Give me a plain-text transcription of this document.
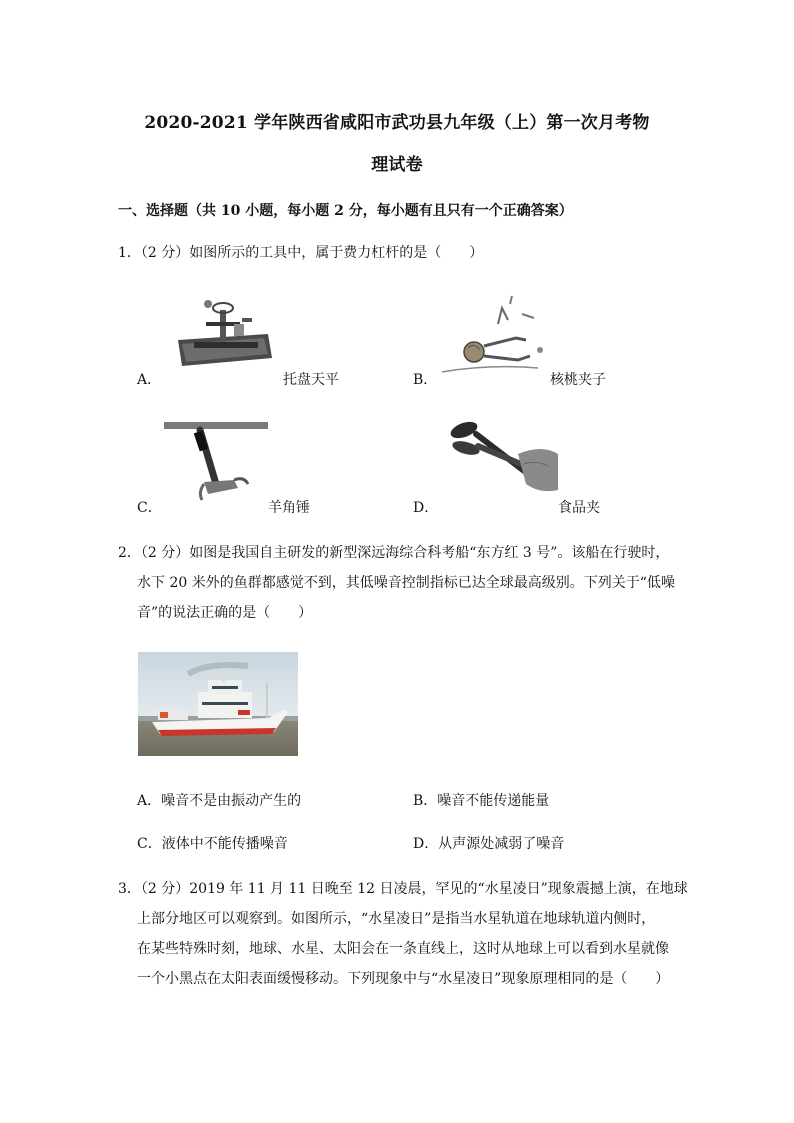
2020-2021 学年陕西省咸阳市武功县九年级（上）第一次月考物
理试卷
一、选择题（共 10 小题，每小题 2 分，每小题有且只有一个正确答案）
1．（2 分）如图所示的工具中，属于费力杠杆的是（　　）
A．	托盘天平	B．	核桃夹子
C．	羊角锤	D．	食品夹
2．（2 分）如图是我国自主研发的新型深远海综合科考船“东方红 3 号”。该船在行驶时，
水下 20 米外的鱼群都感觉不到，其低噪音控制指标已达全球最高级别。下列关于“低噪
音”的说法正确的是（　　）
A．噪音不是由振动产生的	B．噪音不能传递能量
C．液体中不能传播噪音	D．从声源处减弱了噪音
3．（2 分）2019 年 11 月 11 日晚至 12 日凌晨，罕见的“水星凌日”现象震撼上演，在地球
上部分地区可以观察到。如图所示，“水星凌日”是指当水星轨道在地球轨道内侧时，
在某些特殊时刻，地球、水星、太阳会在一条直线上，这时从地球上可以看到水星就像
一个小黑点在太阳表面缓慢移动。下列现象中与“水星凌日”现象原理相同的是（　　）
